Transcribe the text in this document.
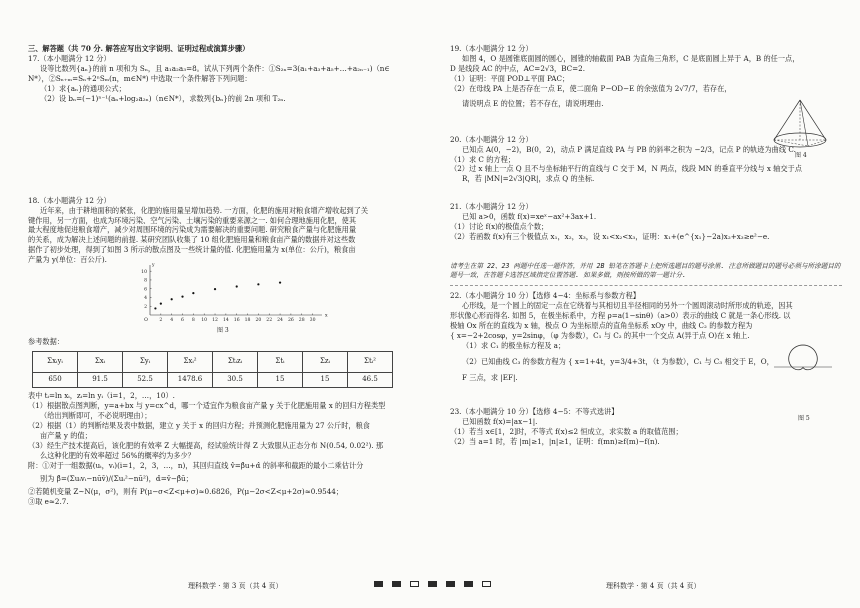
三、解答题（共 70 分. 解答应写出文字说明、证明过程或演算步骤）

17.（本小题满分 12 分）

设等比数列{aₙ}的前 n 项和为 Sₙ，且 a₁a₂a₃=8。试从下列两个条件：①S₂ₙ=3(a₁+a₃+a₅+…+a₂ₙ₋₁)（n∈

N*），②Sₙ₊ₘ=Sₙ+2ⁿSₘ(n，m∈N*) 中选取一个条件解答下列问题：

（1）求{aₙ}的通项公式；

（2）设 bₙ=(−1)ⁿ⁻¹(aₙ+log₂a₂ₙ)（n∈N*），求数列{bₙ}的前 2n 项和 T₂ₙ.

18.（本小题满分 12 分）

近年来，由于耕地面积的紧张，化肥的施用量呈增加趋势. 一方面，化肥的施用对粮食增产增收起到了关

键作用，另一方面，也成为环境污染、空气污染、土壤污染的重要来源之一. 如何合理地施用化肥，使其

最大程度地促进粮食增产，减少对周围环境的污染成为需要解决的重要问题. 研究粮食产量与化肥施用量

的关系，成为解决上述问题的前提. 某研究团队收集了 10 组化肥施用量和粮食亩产量的数据并对这些数

据作了初步处理，得到了如图 3 所示的散点图及一些统计量的值. 化肥施用量为 x(单位：公斤)，粮食亩

产量为 y(单位：百公斤).

O 2 4 6 8 10 12 14 16 18 20 22 24 26 28 30
2
4
6
8
10
x
y

图 3

参考数据：

Σxᵢyᵢ	Σxᵢ	Σyᵢ	Σxᵢ²	Σtᵢzᵢ	Σtᵢ	Σzᵢ	Σtᵢ²
650	91.5	52.5	1478.6	30.5	15	15	46.5

表中 tᵢ=ln xᵢ，zᵢ=ln yᵢ（i=1，2，…，10）.

（1）根据散点图判断，y=a+bx 与 y=cx^d，哪一个适宜作为粮食亩产量 y 关于化肥施用量 x 的回归方程类型

（给出判断即可，不必说明理由）；

（2）根据（1）的判断结果及表中数据，建立 y 关于 x 的回归方程；并预测化肥施用量为 27 公斤时，粮食

亩产量 y 的值；

（3）经生产技术提高后，该化肥的有效率 Z 大幅提高，经试验统计得 Z 大致服从正态分布 N(0.54, 0.02²). 那

么这种化肥的有效率超过 56%的概率约为多少？

附：①对于一组数据(uᵢ，vᵢ)(i=1，2，3，…，n)，其回归直线 v̂=β̂u+α̂ 的斜率和截距的最小二乘估计分

别为 β̂=(Σuᵢvᵢ−nūv̄)/(Σuᵢ²−nū²)，α̂=v̄−β̂ū；

②若随机变量 Z~N(μ，σ²)，则有 P(μ−σ<Z<μ+σ)≈0.6826，P(μ−2σ<Z<μ+2σ)≈0.9544；

③取 e≈2.7.

理科数学 · 第 3 页（共 4 页）

19.（本小题满分 12 分）

如图 4，O 是圆锥底面圆的圆心，圆锥的轴截面 PAB 为直角三角形，C 是底面圆上异于 A，B 的任一点，

D 是线段 AC 的中点，AC=2√3，BC=2.

（1）证明：平面 POD⊥平面 PAC；

（2）在母线 PA 上是否存在一点 E，使二面角 P−OD−E 的余弦值为 2√7/7，若存在，

请说明点 E 的位置；若不存在，请说明理由.

图 4

20.（本小题满分 12 分）

已知点 A(0，−2)，B(0，2)，动点 P 满足直线 PA 与 PB 的斜率之积为 −2/3，记点 P 的轨迹为曲线 C.

（1）求 C 的方程；

（2）过 x 轴上一点 Q 且不与坐标轴平行的直线与 C 交于 M，N 两点，线段 MN 的垂直平分线与 x 轴交于点

R，若 |MN|=2√3|QR|，求点 Q 的坐标.

21.（本小题满分 12 分）

已知 a>0，函数 f(x)=xeˣ−ax²+3ax+1.

（1）讨论 f(x)的极值点个数；

（2）若函数 f(x)有三个极值点 x₁，x₂，x₃，设 x₁<x₂<x₃，证明：x₁+(e^{x₁}−2a)x₂+x₃≥e²−e.

请考生在第 22、23 两题中任选一题作答，并用 2B 铅笔在答题卡上把所选题目的题号涂黑. 注意所做题目的题号必须与所涂题目的题号一致，在答题卡选答区域指定位置答题. 如果多做，则按所做的第一题计分.

22.（本小题满分 10 分）【选修 4−4：坐标系与参数方程】

心形线，是一个圆上的固定一点在它绕着与其相切且半径相同的另外一个圆周滚动时所形成的轨迹，因其

形状像心形而得名. 如图 5，在极坐标系中，方程 ρ=a(1−sinθ)（a>0）表示的曲线 C 就是一条心形线. 以

极轴 Ox 所在的直线为 x 轴，极点 O 为坐标原点的直角坐标系 xOy 中，曲线 C₂ 的参数方程为

{ x=−2+2cosφ，y=2sinφ，（φ 为参数），C₁ 与 C₂ 的其中一个交点 A(异于点 O)在 x 轴上.

（1）求 C₁ 的极坐标方程及 a；

（2）已知曲线 C₃ 的参数方程为 { x=1+4t，y=3/4+3t，（t 为参数），C₁ 与 C₃ 相交于 E，O，

F 三点，求 |EF|.

图 5

23.（本小题满分 10 分）【选修 4−5：不等式选讲】

已知函数 f(x)=|ax−1|.

（1）若当 x∈[1，2]时，不等式 f(x)≤2 恒成立，求实数 a 的取值范围；

（2）当 a=1 时，若 |m|≥1，|n|≥1，证明：f(mn)≥f(m)−f(n).

理科数学 · 第 4 页（共 4 页）
